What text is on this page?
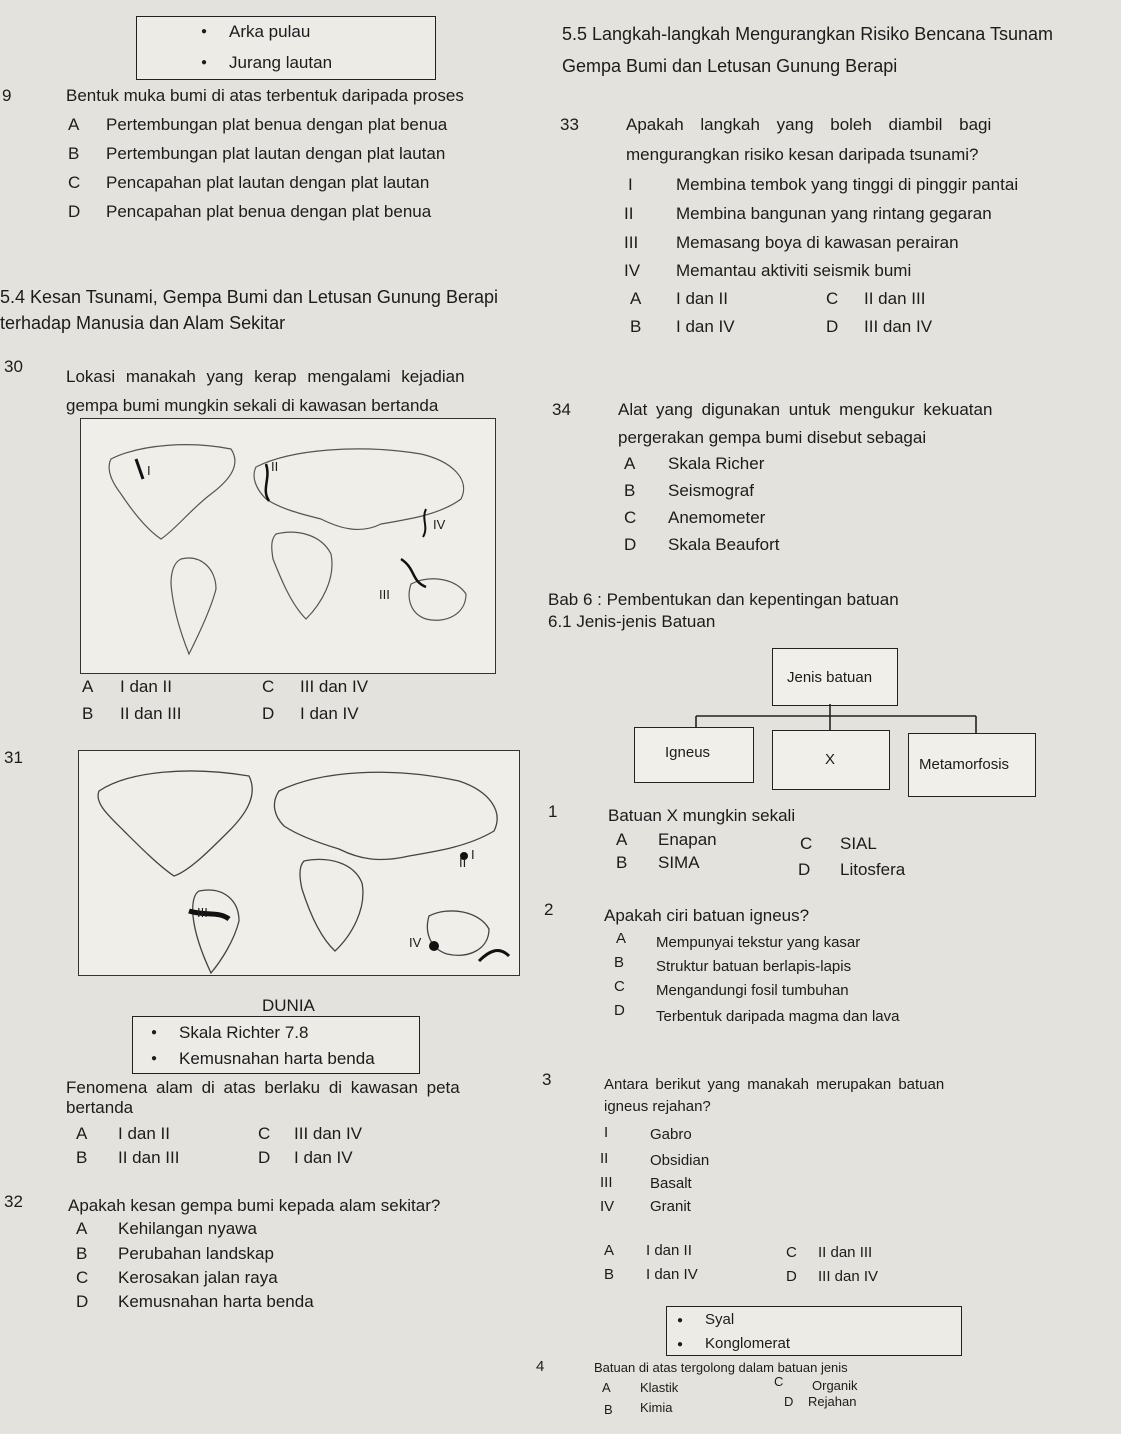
● Arka pulau
● Jurang lautan
5.5 Langkah-langkah Mengurangkan Risiko Bencana Tsunam
Gempa Bumi dan Letusan Gunung Berapi
9	Bentuk muka bumi di atas terbentuk daripada proses
A Pertembungan plat benua dengan plat benua
B Pertembungan plat lautan dengan plat lautan
C Pencapahan plat lautan dengan plat lautan
D Pencapahan plat benua dengan plat benua
33	Apakah langkah yang boleh diambil bagi
mengurangkan risiko kesan daripada tsunami?
I	Membina tembok yang tinggi di pinggir pantai
II	Membina bangunan yang rintang gegaran
III Memasang boya di kawasan perairan
IV Memantau aktiviti seismik bumi
A I dan II	C II dan III
B I dan IV	D III dan IV
5.4 Kesan Tsunami, Gempa Bumi dan Letusan Gunung Berapi
terhadap Manusia dan Alam Sekitar
30
Lokasi manakah yang kerap mengalami kejadian
gempa bumi mungkin sekali di kawasan bertanda
I	II
III
IV
A I dan II	C III dan IV
B II dan III	D I dan IV
34	Alat yang digunakan untuk mengukur kekuatan
pergerakan gempa bumi disebut sebagai
A Skala Richer
B Seismograf
C Anemometer
D Skala Beaufort
Bab 6 : Pembentukan dan kepentingan batuan
6.1 Jenis-jenis Batuan
Jenis batuan
Igneus	X	Metamorfosis
31
I
II
III
IV
DUNIA
● Skala Richter 7.8
● Kemusnahan harta benda
Fenomena alam di atas berlaku di kawasan peta
bertanda
A I dan II	C III dan IV
B II dan III	D I dan IV
32	Apakah kesan gempa bumi kepada alam sekitar?
A Kehilangan nyawa
B Perubahan landskap
C Kerosakan jalan raya
D Kemusnahan harta benda
1	Batuan X mungkin sekali
A Enapan	C SIAL
B SIMA	D Litosfera
2	Apakah ciri batuan igneus?
A Mempunyai tekstur yang kasar
B Struktur batuan berlapis-lapis
C Mengandungi fosil tumbuhan
D Terbentuk daripada magma dan lava
3	Antara berikut yang manakah merupakan batuan
igneus rejahan?
I	Gabro
II	Obsidian
III Basalt
IV Granit
A I dan II	C II dan III
B I dan IV	D III dan IV
● Syal
● Konglomerat
4	Batuan di atas tergolong dalam batuan jenis
A Klastik	C Organik
B Kimia	D Rejahan
